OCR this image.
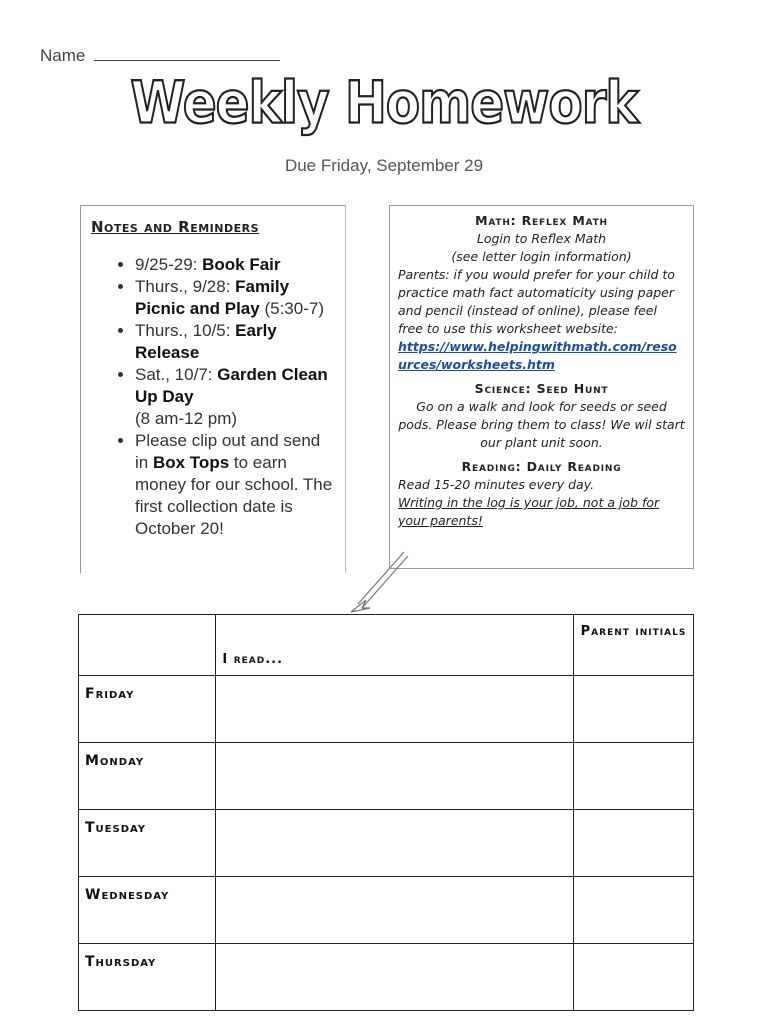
Name
Weekly Homework
Due Friday, September 29
Notes and Reminders
• 9/25-29: Book Fair
• Thurs., 9/28: Family Picnic and Play (5:30-7)
• Thurs., 10/5: Early Release
• Sat., 10/7: Garden Clean Up Day
(8 am-12 pm)
• Please clip out and send in Box Tops to earn money for our school. The first collection date is October 20!
Math: Reflex Math
Login to Reflex Math
(see letter login information)
Parents: if you would prefer for your child to practice math fact automaticity using paper and pencil (instead of online), please feel free to use this worksheet website:
https://www.helpingwithmath.com/resources/worksheets.htm
Science: Seed Hunt
Go on a walk and look for seeds or seed pods. Please bring them to class! We wil start our plant unit soon.
Reading: Daily Reading
Read 15-20 minutes every day.
Writing in the log is your job, not a job for your parents!
	I read...	Parent initials
Friday		
Monday		
Tuesday		
Wednesday		
Thursday		
